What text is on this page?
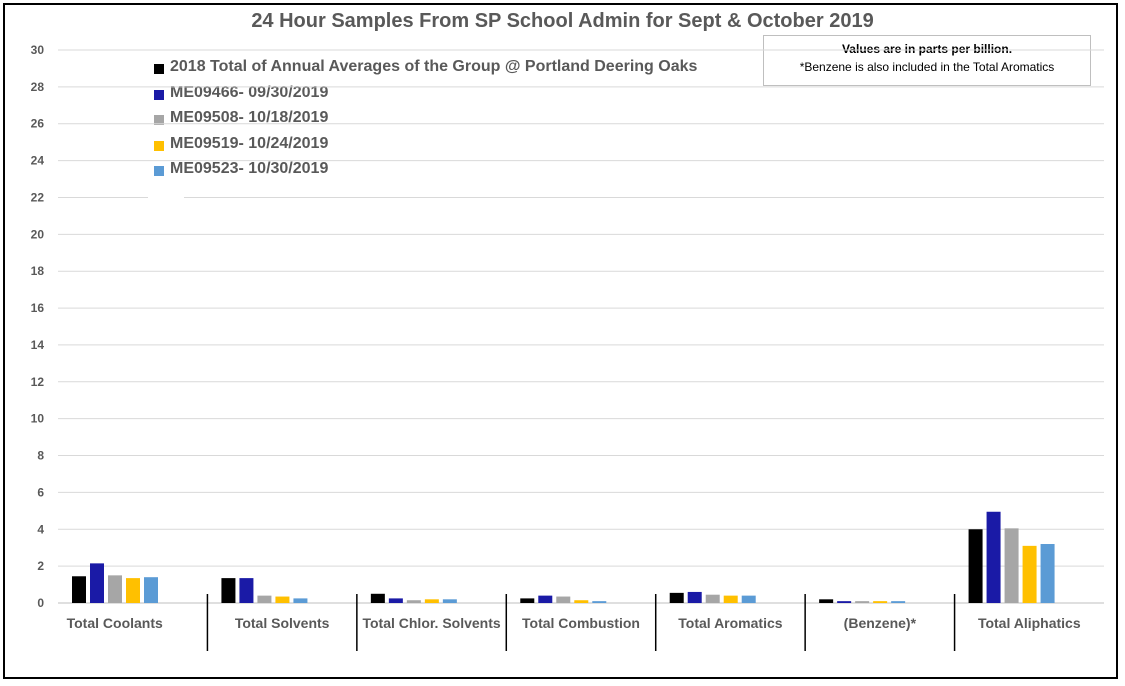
24 Hour Samples From SP School Admin for Sept & October 2019
Values are in parts per billion.
*Benzene is also included in the Total Aromatics
2018 Total of Annual Averages of the Group @ Portland Deering Oaks
ME09466- 09/30/2019
ME09508- 10/18/2019
ME09519- 10/24/2019
ME09523- 10/30/2019
0
2
4
6
8
10
12
14
16
18
20
22
24
26
28
30
Total Coolants	Total Solvents Total Chlor. Solvents Total Combustion	Total Aromatics	(Benzene)*	Total Aliphatics
